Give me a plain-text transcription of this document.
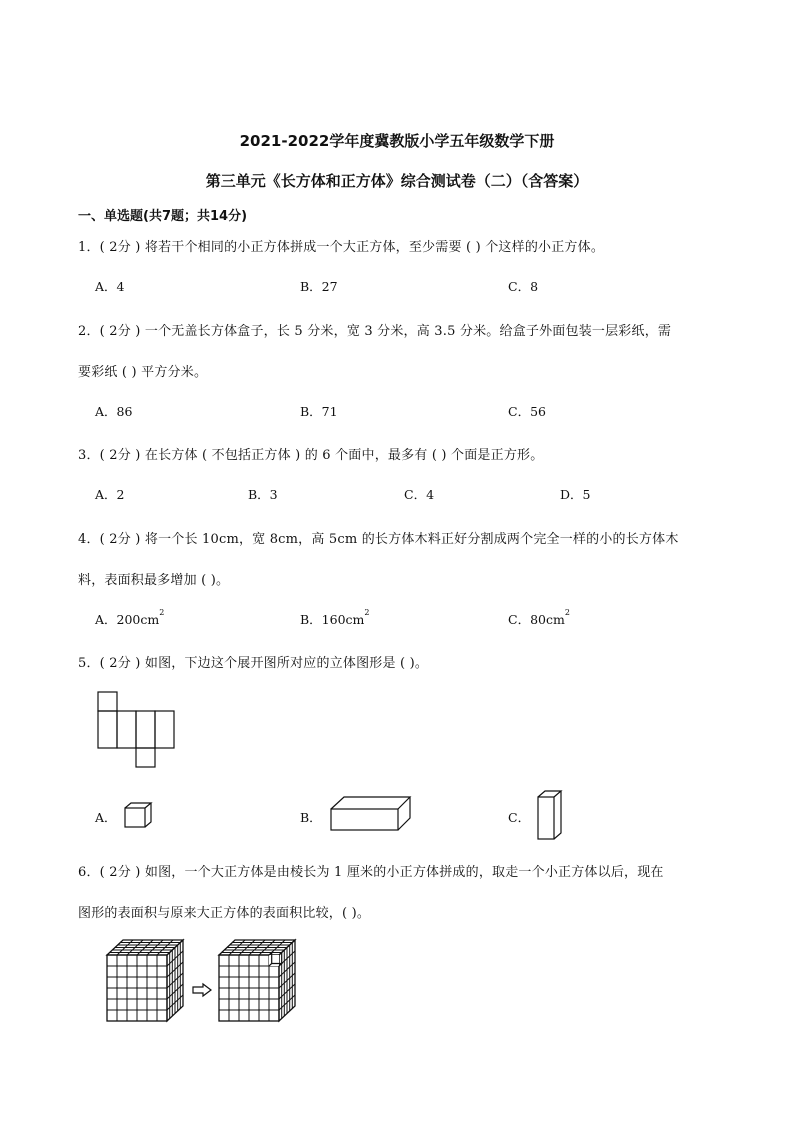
2021-2022学年度冀教版小学五年级数学下册
第三单元《长方体和正方体》综合测试卷（二）（含答案）
一、单选题(共7题；共14分)
1．( 2分 ) 将若干个相同的小正方体拼成一个大正方体，至少需要 ( ) 个这样的小正方体。
A．4	B．27	C．8
2．( 2分 ) 一个无盖长方体盒子，长 5 分米，宽 3 分米，高 3.5 分米。给盒子外面包装一层彩纸，需
要彩纸 ( ) 平方分米。
A．86	B．71	C．56
3．( 2分 ) 在长方体 ( 不包括正方体 ) 的 6 个面中，最多有 ( ) 个面是正方形。
A．2	B．3	C．4	D．5
4．( 2分 ) 将一个长 10cm，宽 8cm，高 5cm 的长方体木料正好分割成两个完全一样的小的长方体木
料，表面积最多增加 ( )。
A．$200cm^2$	B．$160cm^2$	C．$80cm^2$
5．( 2分 ) 如图，下边这个展开图所对应的立体图形是 ( )。
A．	B．	C．
6．( 2分 ) 如图，一个大正方体是由棱长为 1 厘米的小正方体拼成的，取走一个小正方体以后，现在
图形的表面积与原来大正方体的表面积比较，( )。
